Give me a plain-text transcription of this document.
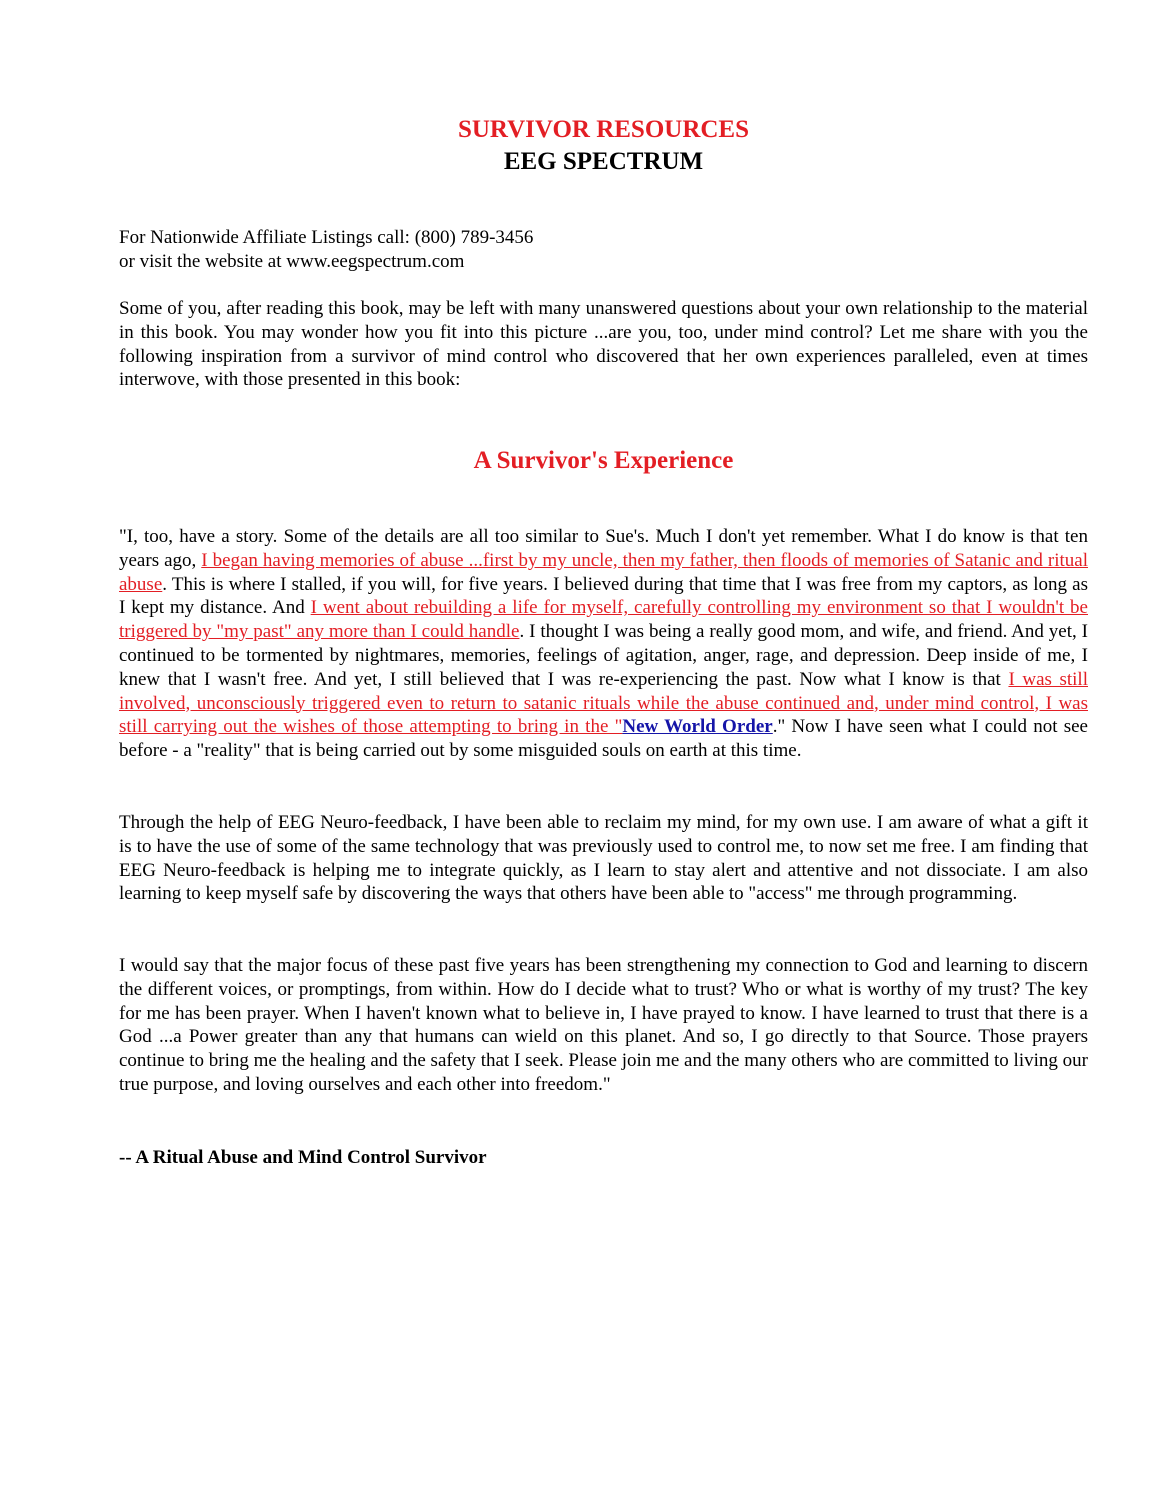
SURVIVOR RESOURCES
EEG SPECTRUM
For Nationwide Affiliate Listings call: (800) 789-3456
or visit the website at www.eegspectrum.com

Some of you, after reading this book, may be left with many unanswered questions about your own relationship to the material in this book. You may wonder how you fit into this picture ...are you, too, under mind control? Let me share with you the following inspiration from a survivor of mind control who discovered that her own experiences paralleled, even at times interwove, with those presented in this book:

A Survivor's Experience

"I, too, have a story. Some of the details are all too similar to Sue's. Much I don't yet remember. What I do know is that ten years ago, I began having memories of abuse ...first by my uncle, then my father, then floods of memories of Satanic and ritual abuse. This is where I stalled, if you will, for five years. I believed during that time that I was free from my captors, as long as I kept my distance. And I went about rebuilding a life for myself, carefully controlling my environment so that I wouldn't be triggered by "my past" any more than I could handle. I thought I was being a really good mom, and wife, and friend. And yet, I continued to be tormented by nightmares, memories, feelings of agitation, anger, rage, and depression. Deep inside of me, I knew that I wasn't free. And yet, I still believed that I was re-experiencing the past. Now what I know is that I was still involved, unconsciously triggered even to return to satanic rituals while the abuse continued and, under mind control, I was still carrying out the wishes of those attempting to bring in the "New World Order." Now I have seen what I could not see before - a "reality" that is being carried out by some misguided souls on earth at this time.

Through the help of EEG Neuro-feedback, I have been able to reclaim my mind, for my own use. I am aware of what a gift it is to have the use of some of the same technology that was previously used to control me, to now set me free. I am finding that EEG Neuro-feedback is helping me to integrate quickly, as I learn to stay alert and attentive and not dissociate. I am also learning to keep myself safe by discovering the ways that others have been able to "access" me through programming.

I would say that the major focus of these past five years has been strengthening my connection to God and learning to discern the different voices, or promptings, from within. How do I decide what to trust? Who or what is worthy of my trust? The key for me has been prayer. When I haven't known what to believe in, I have prayed to know. I have learned to trust that there is a God ...a Power greater than any that humans can wield on this planet. And so, I go directly to that Source. Those prayers continue to bring me the healing and the safety that I seek. Please join me and the many others who are committed to living our true purpose, and loving ourselves and each other into freedom."

-- A Ritual Abuse and Mind Control Survivor
